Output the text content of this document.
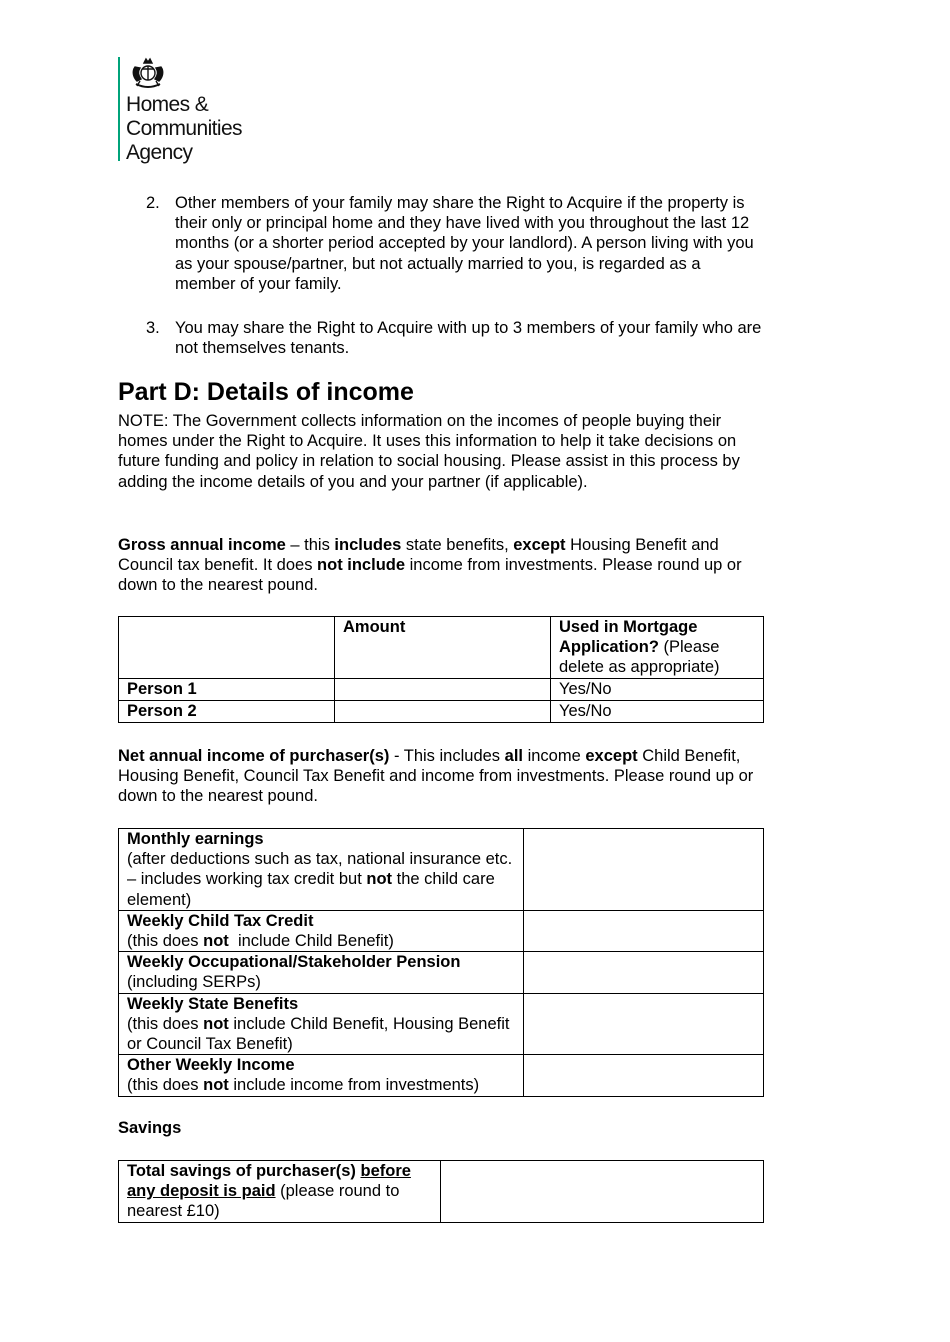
Homes &
Communities
Agency
2. Other members of your family may share the Right to Acquire if the property is their only or principal home and they have lived with you throughout the last 12 months (or a shorter period accepted by your landlord). A person living with you as your spouse/partner, but not actually married to you, is regarded as a member of your family.
3. You may share the Right to Acquire with up to 3 members of your family who are not themselves tenants.
Part D: Details of income

NOTE: The Government collects information on the incomes of people buying their homes under the Right to Acquire. It uses this information to help it take decisions on future funding and policy in relation to social housing. Please assist in this process by adding the income details of you and your partner (if applicable).

Gross annual income – this includes state benefits, except Housing Benefit and Council tax benefit. It does not include income from investments. Please round up or down to the nearest pound.

	Amount	Used in Mortgage Application? (Please delete as appropriate)
Person 1		Yes/No
Person 2		Yes/No

Net annual income of purchaser(s) - This includes all income except Child Benefit, Housing Benefit, Council Tax Benefit and income from investments. Please round up or down to the nearest pound.

Monthly earnings
(after deductions such as tax, national insurance etc. – includes working tax credit but not the child care element)	
Weekly Child Tax Credit
(this does not  include Child Benefit)	
Weekly Occupational/Stakeholder Pension
(including SERPs)	
Weekly State Benefits
(this does not include Child Benefit, Housing Benefit or Council Tax Benefit)	
Other Weekly Income
(this does not include income from investments)	

Savings

Total savings of purchaser(s) before any deposit is paid (please round to nearest £10)	
